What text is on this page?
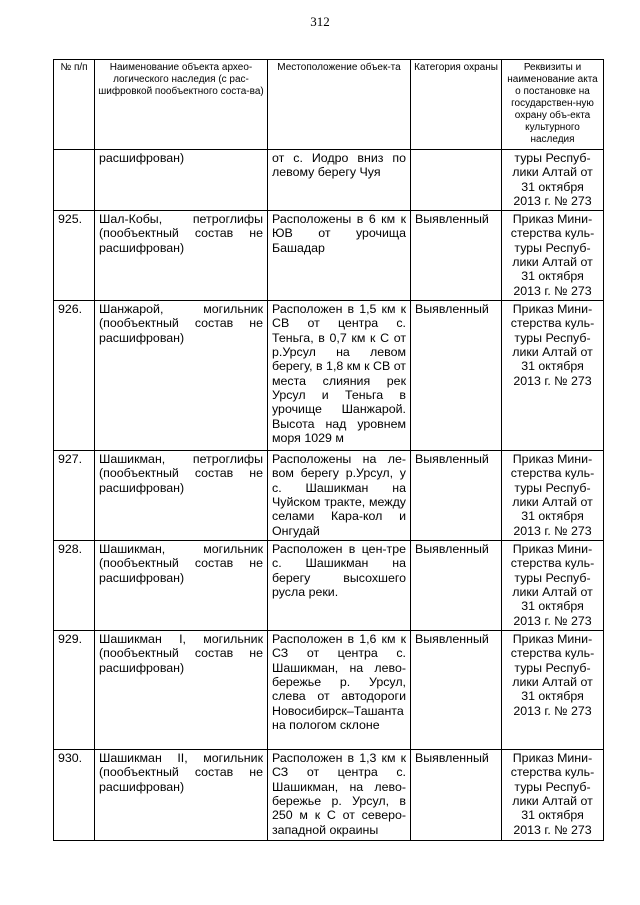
312
№ п/п	Наименование объекта архео-логического наследия (с рас-шифровкой пообъектного соста-ва)	Местоположение объек-та	Категория охраны	Реквизиты и наименование акта о постановке на государствен-ную охрану объ-екта культурного наследия
	расшифрован)	от с. Иодро вниз по левому берегу Чуя		туры Респуб-лики Алтай от 31 октября 2013 г. № 273
925.	Шал-Кобы, петроглифы (пообъектный состав не расшифрован)	Расположены в 6 км к ЮВ от урочища Башадар	Выявленный	Приказ Мини-стерства куль-туры Респуб-лики Алтай от 31 октября 2013 г. № 273
926.	Шанжарой, могильник (пообъектный состав не расшифрован)	Расположен в 1,5 км к СВ от центра с. Теньга, в 0,7 км к С от р.Урсул на левом берегу, в 1,8 км к СВ от места слияния рек Урсул и Теньга в урочище Шанжарой. Высота над уровнем моря 1029 м	Выявленный	Приказ Мини-стерства куль-туры Респуб-лики Алтай от 31 октября 2013 г. № 273
927.	Шашикман, петроглифы (пообъектный состав не расшифрован)	Расположены на ле-вом берегу р.Урсул, у с. Шашикман на Чуйском тракте, между селами Кара-кол и Онгудай	Выявленный	Приказ Мини-стерства куль-туры Респуб-лики Алтай от 31 октября 2013 г. № 273
928.	Шашикман, могильник (пообъектный состав не расшифрован)	Расположен в цен-тре с. Шашикман на берегу высохшего русла реки.	Выявленный	Приказ Мини-стерства куль-туры Респуб-лики Алтай от 31 октября 2013 г. № 273
929.	Шашикман I, могильник (пообъектный состав не расшифрован)	Расположен в 1,6 км к СЗ от центра с. Шашикман, на лево-бережье р. Урсул, слева от автодороги Новосибирск–Ташанта на пологом склоне	Выявленный	Приказ Мини-стерства куль-туры Респуб-лики Алтай от 31 октября 2013 г. № 273
930.	Шашикман II, могильник (пообъектный состав не расшифрован)	Расположен в 1,3 км к СЗ от центра с. Шашикман, на лево-бережье р. Урсул, в 250 м к С от северо-западной окраины	Выявленный	Приказ Мини-стерства куль-туры Респуб-лики Алтай от 31 октября 2013 г. № 273
